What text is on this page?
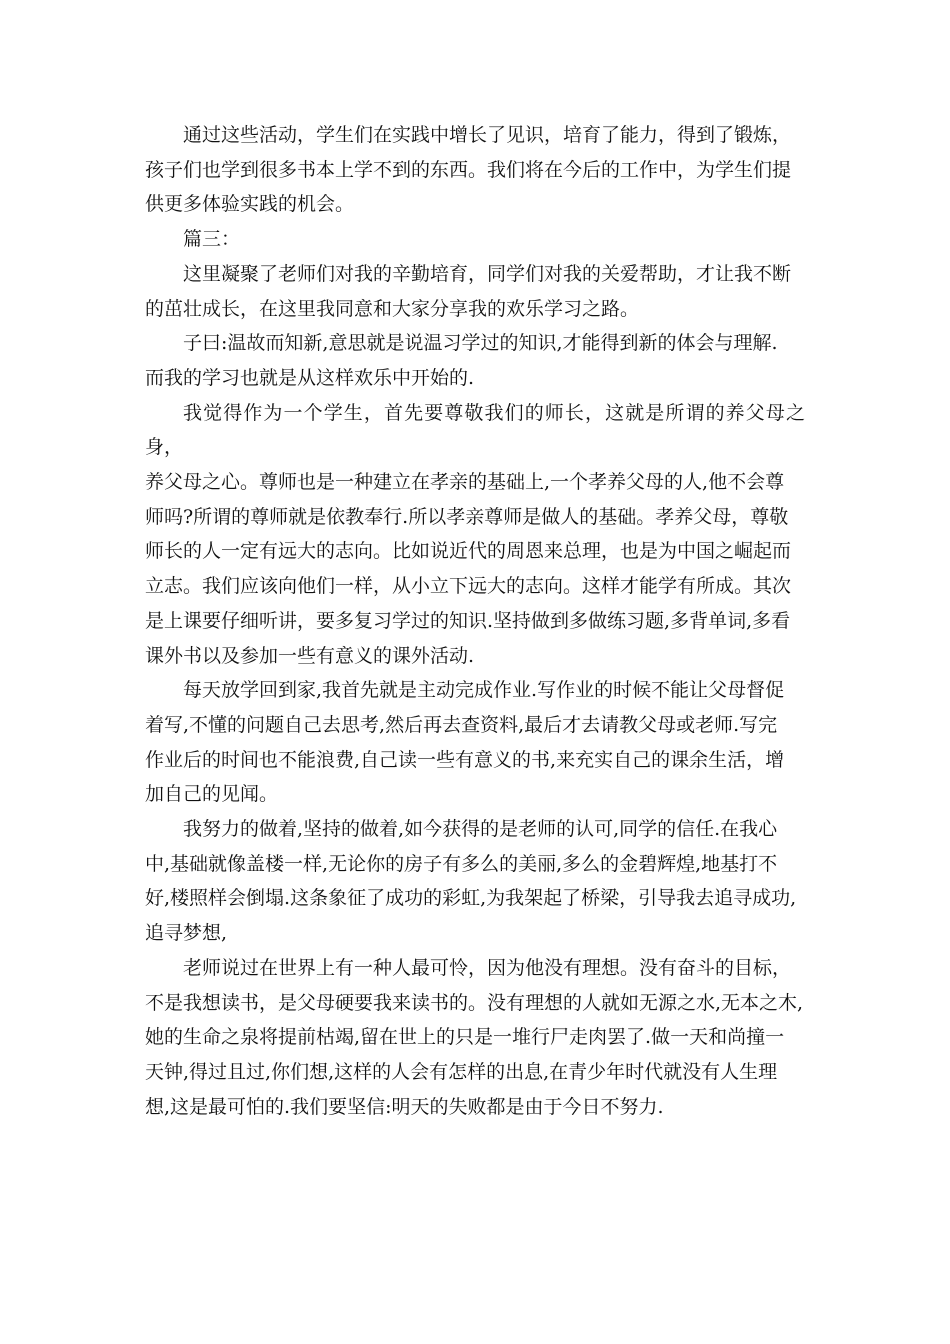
通过这些活动，学生们在实践中增长了见识，培育了能力，得到了锻炼，
孩子们也学到很多书本上学不到的东西。我们将在今后的工作中，为学生们提
供更多体验实践的机会。

篇三：

这里凝聚了老师们对我的辛勤培育，同学们对我的关爱帮助，才让我不断
的茁壮成长，在这里我同意和大家分享我的欢乐学习之路。

子曰:温故而知新,意思就是说温习学过的知识,才能得到新的体会与理解.
而我的学习也就是从这样欢乐中开始的.

我觉得作为一个学生，首先要尊敬我们的师长，这就是所谓的养父母之身，
养父母之心。尊师也是一种建立在孝亲的基础上,一个孝养父母的人,他不会尊
师吗?所谓的尊师就是依教奉行.所以孝亲尊师是做人的基础。孝养父母，尊敬
师长的人一定有远大的志向。比如说近代的周恩来总理，也是为中国之崛起而
立志。我们应该向他们一样，从小立下远大的志向。这样才能学有所成。其次
是上课要仔细听讲，要多复习学过的知识.坚持做到多做练习题,多背单词,多看
课外书以及参加一些有意义的课外活动.

每天放学回到家,我首先就是主动完成作业.写作业的时候不能让父母督促
着写,不懂的问题自己去思考,然后再去查资料,最后才去请教父母或老师.写完
作业后的时间也不能浪费,自己读一些有意义的书,来充实自己的课余生活，增
加自己的见闻。

我努力的做着,坚持的做着,如今获得的是老师的认可,同学的信任.在我心
中,基础就像盖楼一样,无论你的房子有多么的美丽,多么的金碧辉煌,地基打不
好,楼照样会倒塌.这条象征了成功的彩虹,为我架起了桥梁，引导我去追寻成功,
追寻梦想,

老师说过在世界上有一种人最可怜，因为他没有理想。没有奋斗的目标，
不是我想读书，是父母硬要我来读书的。没有理想的人就如无源之水,无本之木,
她的生命之泉将提前枯竭,留在世上的只是一堆行尸走肉罢了.做一天和尚撞一
天钟,得过且过,你们想,这样的人会有怎样的出息,在青少年时代就没有人生理
想,这是最可怕的.我们要坚信:明天的失败都是由于今日不努力.
